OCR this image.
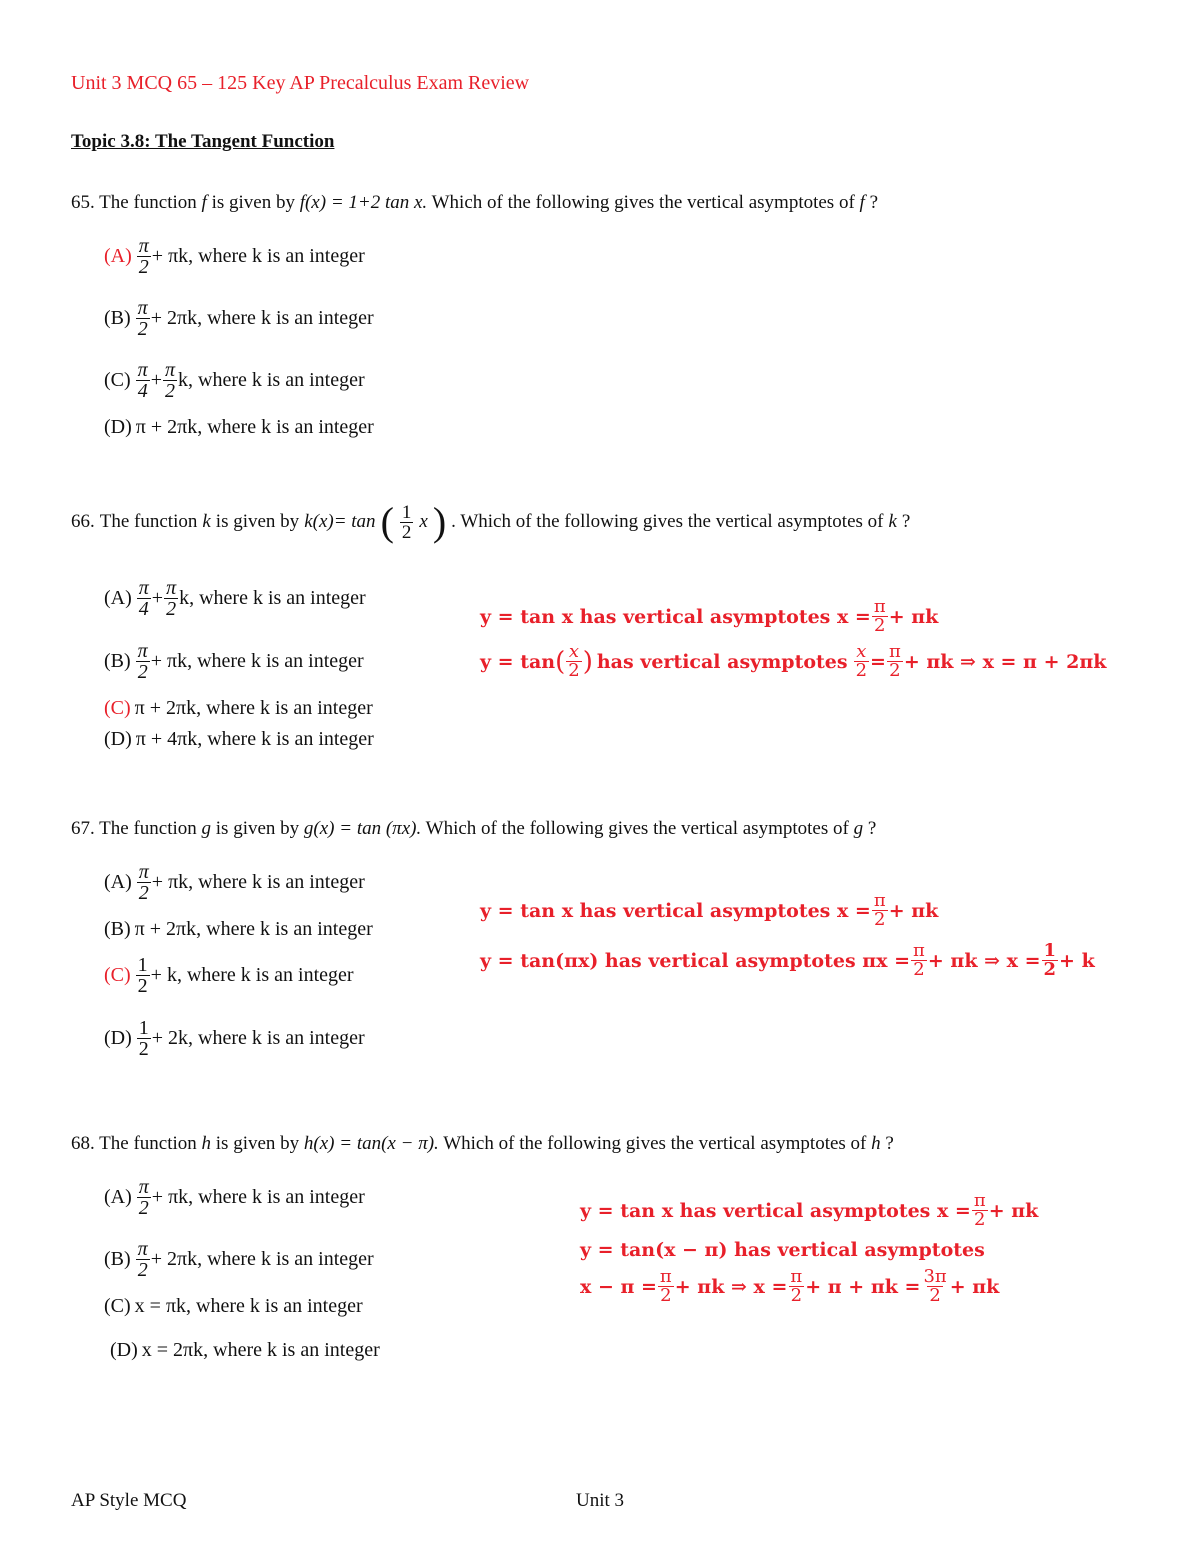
Unit 3 MCQ 65 – 125 Key AP Precalculus Exam Review
Topic 3.8: The Tangent Function
65. The function f is given by f(x) = 1+2 tan x. Which of the following gives the vertical asymptotes of f ?
$(A) \frac{\pi}{2} + \pi k$, where k is an integer
$(B) \frac{\pi}{2} + 2\pi k$, where k is an integer
$(C) \frac{\pi}{4} + \frac{\pi}{2} k$, where k is an integer
(D) π + 2πk, where k is an integer
66. The function k is given by k(x)= tan ( $\frac{1}{2}$ x ) . Which of the following gives the vertical asymptotes of k ?
$(A) \frac{\pi}{4} + \frac{\pi}{2} k$, where k is an integer
$(B) \frac{\pi}{2} + \pi k$, where k is an integer
(C) π + 2πk, where k is an integer
(D) π + 4πk, where k is an integer
y = tan x has vertical asymptotes $x = \frac{\pi}{2} + \pi k$
y = tan ( $\frac{x}{2}$ ) has vertical asymptotes $\frac{x}{2} = \frac{\pi}{2} + \pi k$ ⇒ x = π + 2πk
67. The function g is given by g(x) = tan (πx). Which of the following gives the vertical asymptotes of g ?
$(A) \frac{\pi}{2} + \pi k$, where k is an integer
(B) π + 2πk, where k is an integer
$(C) \frac{1}{2} + k$, where k is an integer
$(D) \frac{1}{2} + 2k$, where k is an integer
y = tan x has vertical asymptotes $x = \frac{\pi}{2} + \pi k$
y = tan(πx) has vertical asymptotes $\pi x = \frac{\pi}{2} + \pi k$ ⇒ $x = \frac{1}{2} + k$
68. The function h is given by h(x) = tan(x − π). Which of the following gives the vertical asymptotes of h ?
$(A) \frac{\pi}{2} + \pi k$, where k is an integer
$(B) \frac{\pi}{2} + 2\pi k$, where k is an integer
(C) x = πk, where k is an integer
(D) x = 2πk, where k is an integer
y = tan x has vertical asymptotes $x = \frac{\pi}{2} + \pi k$
y = tan(x − π) has vertical asymptotes
$x - \pi = \frac{\pi}{2} + \pi k$ ⇒ $x = \frac{\pi}{2} + \pi + \pi k = \frac{3\pi}{2} + \pi k$
AP Style MCQ	Unit 3
